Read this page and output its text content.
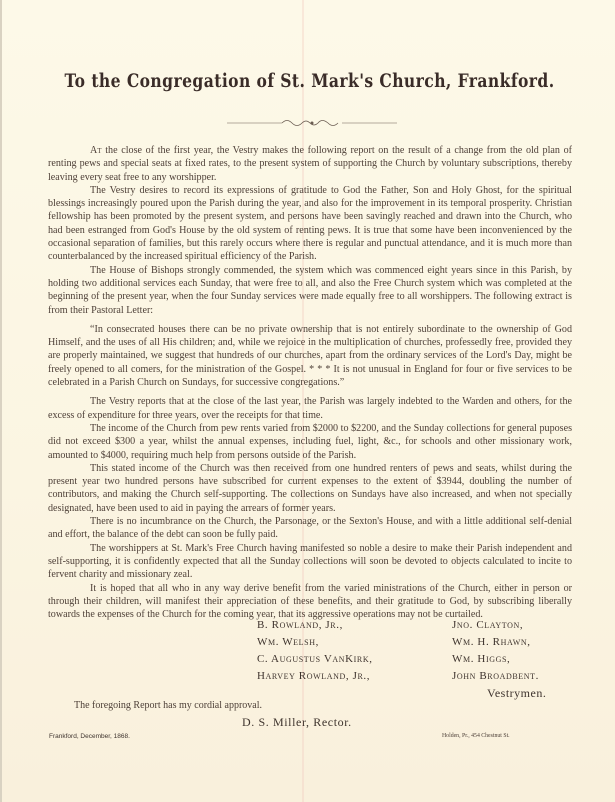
To the Congregation of St. Mark's Church, Frankford.

At the close of the first year, the Vestry makes the following report on the result of a change from the old plan of renting pews and special seats at fixed rates, to the present system of supporting the Church by voluntary subscriptions, thereby leaving every seat free to any worshipper.

The Vestry desires to record its expressions of gratitude to God the Father, Son and Holy Ghost, for the spiritual blessings increasingly poured upon the Parish during the year, and also for the improvement in its temporal prosperity. Christian fellowship has been promoted by the present system, and persons have been savingly reached and drawn into the Church, who had been estranged from God's House by the old system of renting pews. It is true that some have been inconvenienced by the occasional separation of families, but this rarely occurs where there is regular and punctual attendance, and it is much more than counterbalanced by the increased spiritual efficiency of the Parish.

The House of Bishops strongly commended, the system which was commenced eight years since in this Parish, by holding two additional services each Sunday, that were free to all, and also the Free Church system which was completed at the beginning of the present year, when the four Sunday services were made equally free to all worshippers. The following extract is from their Pastoral Letter:

“In consecrated houses there can be no private ownership that is not entirely subordinate to the ownership of God Himself, and the uses of all His children; and, while we rejoice in the multiplication of churches, professedly free, provided they are properly maintained, we suggest that hundreds of our churches, apart from the ordinary services of the Lord's Day, might be freely opened to all comers, for the ministration of the Gospel. * * * It is not unusual in England for four or five services to be celebrated in a Parish Church on Sundays, for successive congregations.”

The Vestry reports that at the close of the last year, the Parish was largely indebted to the Warden and others, for the excess of expenditure for three years, over the receipts for that time.

The income of the Church from pew rents varied from $2000 to $2200, and the Sunday collections for general puposes did not exceed $300 a year, whilst the annual expenses, including fuel, light, &c., for schools and other missionary work, amounted to $4000, requiring much help from persons outside of the Parish.

This stated income of the Church was then received from one hundred renters of pews and seats, whilst during the present year two hundred persons have subscribed for current expenses to the extent of $3944, doubling the number of contributors, and making the Church self-supporting. The collections on Sundays have also increased, and when not specially designated, have been used to aid in paying the arrears of former years.

There is no incumbrance on the Church, the Parsonage, or the Sexton's House, and with a little additional self-denial and effort, the balance of the debt can soon be fully paid.

The worshippers at St. Mark's Free Church having manifested so noble a desire to make their Parish independent and self-supporting, it is confidently expected that all the Sunday collections will soon be devoted to objects calculated to incite to fervent charity and missionary zeal.

It is hoped that all who in any way derive benefit from the varied ministrations of the Church, either in person or through their children, will manifest their appreciation of these benefits, and their gratitude to God, by subscribing liberally towards the expenses of the Church for the coming year, that its aggressive operations may not be curtailed.

B. Rowland, Jr.,
Wm. Welsh,
C. Augustus VanKirk,
Harvey Rowland, Jr.,
Jno. Clayton,
Wm. H. Rhawn,
Wm. Higgs,
John Broadbent.
Vestrymen.
The foregoing Report has my cordial approval.
D. S. Miller, Rector.
Frankford, December, 1868.	Holden, Pr., 454 Chestnut St.
